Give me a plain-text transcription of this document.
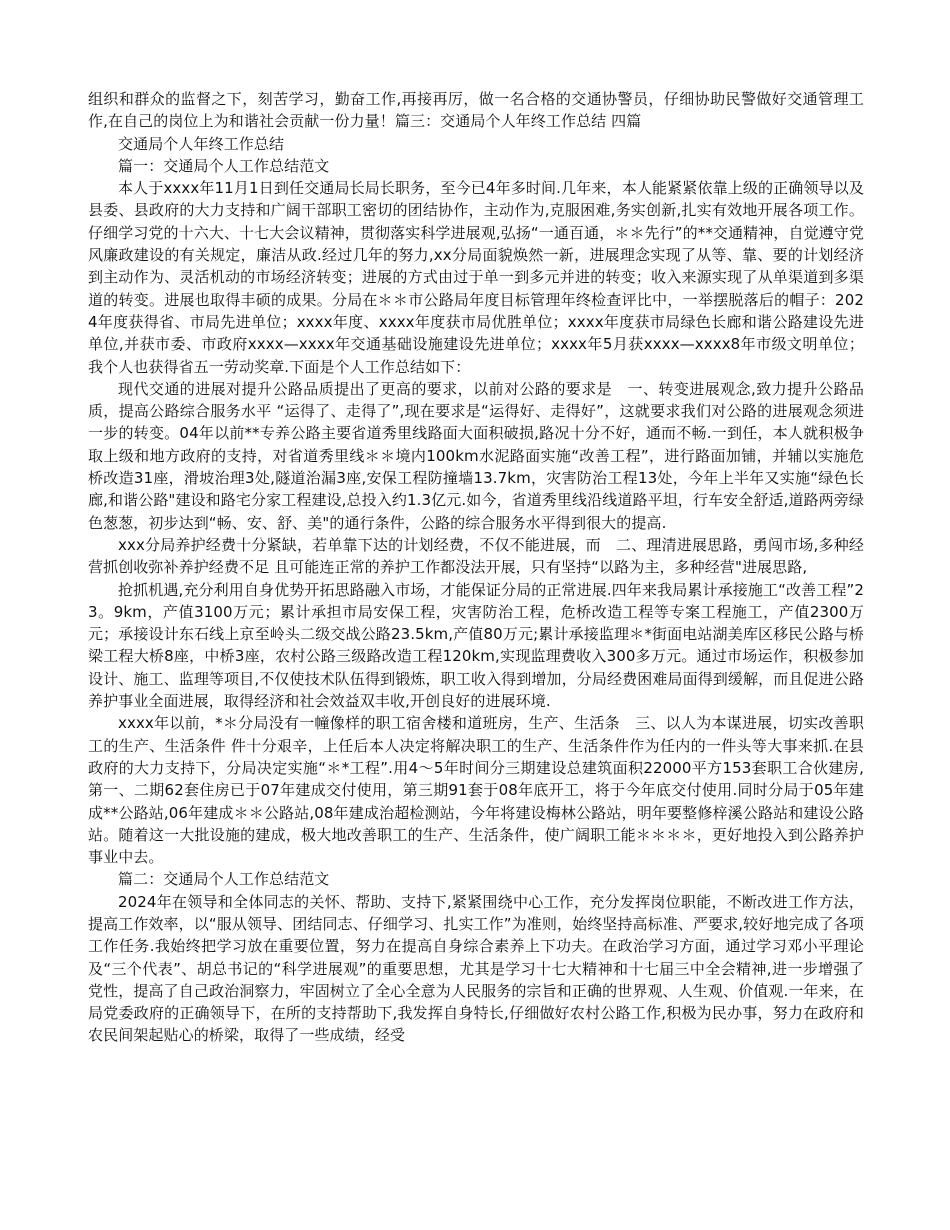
组织和群众的监督之下，刻苦学习，勤奋工作,再接再厉，做一名合格的交通协警员，仔细协助民警做好交通管理工作,在自己的岗位上为和谐社会贡献一份力量！篇三：交通局个人年终工作总结 四篇

交通局个人年终工作总结

篇一：交通局个人工作总结范文

本人于xxxx年11月1日到任交通局长局长职务，至今已4年多时间.几年来，本人能紧紧依靠上级的正确领导以及县委、县政府的大力支持和广阔干部职工密切的团结协作，主动作为,克服困难,务实创新,扎实有效地开展各项工作。仔细学习党的十六大、十七大会议精神，贯彻落实科学进展观,弘扬“一通百通，＊＊先行”的**交通精神，自觉遵守党风廉政建设的有关规定，廉洁从政.经过几年的努力,xx分局面貌焕然一新，进展理念实现了从等、靠、要的计划经济到主动作为、灵活机动的市场经济转变；进展的方式由过于单一到多元并进的转变；收入来源实现了从单渠道到多渠道的转变。进展也取得丰硕的成果。分局在＊＊市公路局年度目标管理年终检查评比中，一举摆脱落后的帽子：2024年度获得省、市局先进单位；xxxx年度、xxxx年度获市局优胜单位；xxxx年度获市局绿色长廊和谐公路建设先进单位,并获市委、市政府xxxx—xxxx年交通基础设施建设先进单位；xxxx年5月获xxxx—xxxx8年市级文明单位；我个人也获得省五一劳动奖章.下面是个人工作总结如下：

现代交通的进展对提升公路品质提出了更高的要求，以前对公路的要求是　一、转变进展观念,致力提升公路品质，提高公路综合服务水平 “运得了、走得了”,现在要求是“运得好、走得好”，这就要求我们对公路的进展观念须进一步的转变。04年以前**专养公路主要省道秀里线路面大面积破损,路况十分不好，通而不畅.一到任，本人就积极争取上级和地方政府的支持，对省道秀里线＊＊境内100km水泥路面实施“改善工程”，进行路面加铺，并辅以实施危桥改造31座，滑坡治理3处,隧道治漏3座,安保工程防撞墙13.7km，灾害防治工程13处，今年上半年又实施“绿色长廊,和谐公路"建设和路宅分家工程建设,总投入约1.3亿元.如今，省道秀里线沿线道路平坦，行车安全舒适,道路两旁绿色葱葱，初步达到“畅、安、舒、美"的通行条件，公路的综合服务水平得到很大的提高.

xxx分局养护经费十分紧缺，若单靠下达的计划经费，不仅不能进展，而　二、理清进展思路，勇闯市场,多种经营抓创收弥补养护经费不足 且可能连正常的养护工作都没法开展，只有坚持“以路为主，多种经营"进展思路,

抢抓机遇,充分利用自身优势开拓思路融入市场，才能保证分局的正常进展.四年来我局累计承接施工“改善工程”23。9km，产值3100万元；累计承担市局安保工程，灾害防治工程，危桥改造工程等专案工程施工，产值2300万元；承接设计东石线上京至岭头二级交战公路23.5km,产值80万元;累计承接监理＊*街面电站湖美库区移民公路与桥梁工程大桥8座，中桥3座，农村公路三级路改造工程120km,实现监理费收入300多万元。通过市场运作，积极参加设计、施工、监理等项目,不仅使技术队伍得到锻炼，职工收入得到增加，分局经费困难局面得到缓解，而且促进公路养护事业全面进展，取得经济和社会效益双丰收,开创良好的进展环境.

xxxx年以前，*＊分局没有一幢像样的职工宿舍楼和道班房，生产、生活条　三、以人为本谋进展，切实改善职工的生产、生活条件 件十分艰辛，上任后本人决定将解决职工的生产、生活条件作为任内的一件头等大事来抓.在县政府的大力支持下，分局决定实施“＊*工程”.用4～5年时间分三期建设总建筑面积22000平方153套职工合伙建房,第一、二期62套住房已于07年建成交付使用，第三期91套于08年底开工，将于今年底交付使用.同时分局于05年建成**公路站,06年建成＊＊公路站,08年建成治超检测站，今年将建设梅林公路站，明年要整修梓溪公路站和建设公路站。随着这一大批设施的建成，极大地改善职工的生产、生活条件，使广阔职工能＊＊＊＊，更好地投入到公路养护事业中去。

篇二：交通局个人工作总结范文

2024年在领导和全体同志的关怀、帮助、支持下,紧紧围绕中心工作，充分发挥岗位职能，不断改进工作方法，提高工作效率，以“服从领导、团结同志、仔细学习、扎实工作”为准则，始终坚持高标准、严要求,较好地完成了各项工作任务.我始终把学习放在重要位置，努力在提高自身综合素养上下功夫。在政治学习方面，通过学习邓小平理论及“三个代表”、胡总书记的“科学进展观”的重要思想，尤其是学习十七大精神和十七届三中全会精神,进一步增强了党性，提高了自己政治洞察力，牢固树立了全心全意为人民服务的宗旨和正确的世界观、人生观、价值观.一年来，在局党委政府的正确领导下，在所的支持帮助下,我发挥自身特长,仔细做好农村公路工作,积极为民办事，努力在政府和农民间架起贴心的桥梁，取得了一些成绩，经受
